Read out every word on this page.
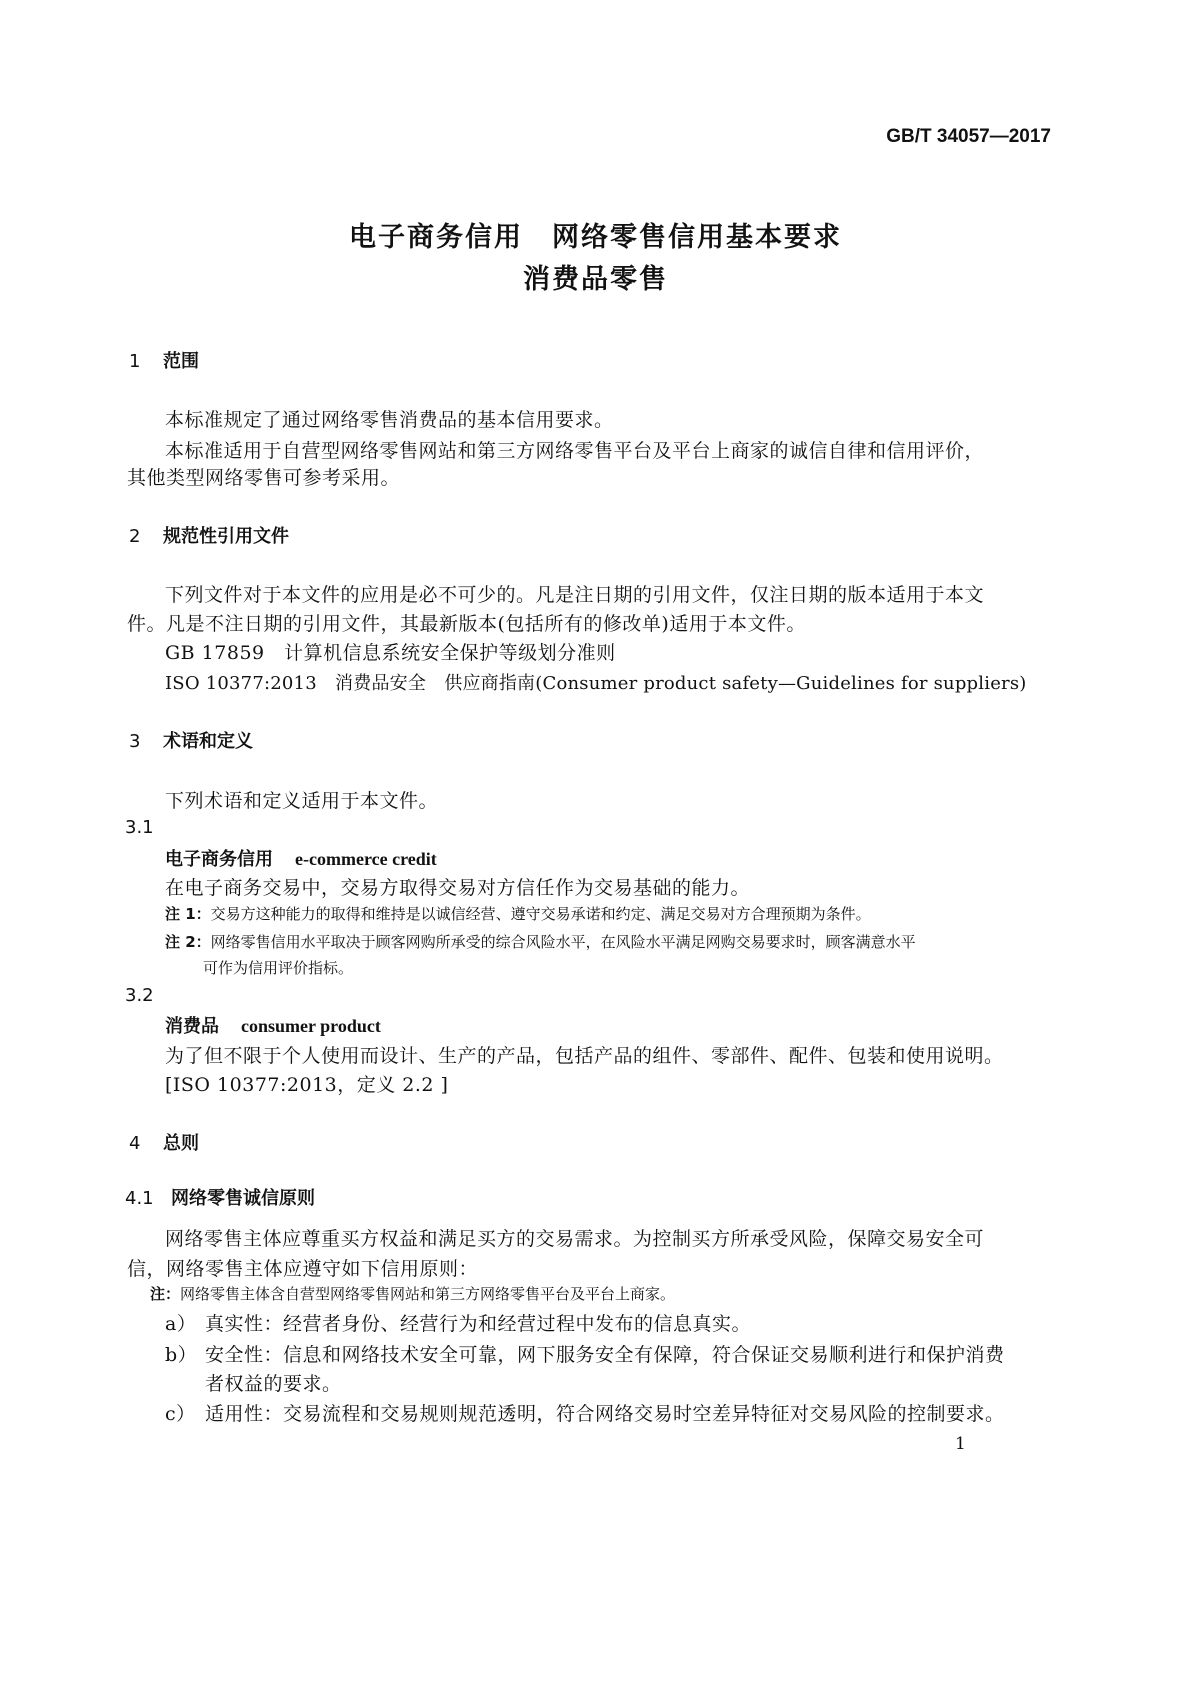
GB/T 34057—2017
电子商务信用　网络零售信用基本要求
消费品零售
1 范围
本标准规定了通过网络零售消费品的基本信用要求。
本标准适用于自营型网络零售网站和第三方网络零售平台及平台上商家的诚信自律和信用评价，
其他类型网络零售可参考采用。
2 规范性引用文件
下列文件对于本文件的应用是必不可少的。凡是注日期的引用文件，仅注日期的版本适用于本文
件。凡是不注日期的引用文件，其最新版本(包括所有的修改单)适用于本文件。
GB 17859　计算机信息系统安全保护等级划分准则
ISO 10377:2013　消费品安全　供应商指南(Consumer product safety—Guidelines for suppliers)
3 术语和定义
下列术语和定义适用于本文件。
3.1
电子商务信用 e-commerce credit
在电子商务交易中，交易方取得交易对方信任作为交易基础的能力。
注 1：交易方这种能力的取得和维持是以诚信经营、遵守交易承诺和约定、满足交易对方合理预期为条件。
注 2：网络零售信用水平取决于顾客网购所承受的综合风险水平，在风险水平满足网购交易要求时，顾客满意水平
可作为信用评价指标。
3.2
消费品 consumer product
为了但不限于个人使用而设计、生产的产品，包括产品的组件、零部件、配件、包装和使用说明。
[ISO 10377:2013，定义 2.2 ]
4 总则
4.1 网络零售诚信原则
网络零售主体应尊重买方权益和满足买方的交易需求。为控制买方所承受风险，保障交易安全可
信，网络零售主体应遵守如下信用原则：
注：网络零售主体含自营型网络零售网站和第三方网络零售平台及平台上商家。
a） 真实性：经营者身份、经营行为和经营过程中发布的信息真实。
b） 安全性：信息和网络技术安全可靠，网下服务安全有保障，符合保证交易顺利进行和保护消费
者权益的要求。
c） 适用性：交易流程和交易规则规范透明，符合网络交易时空差异特征对交易风险的控制要求。
1
